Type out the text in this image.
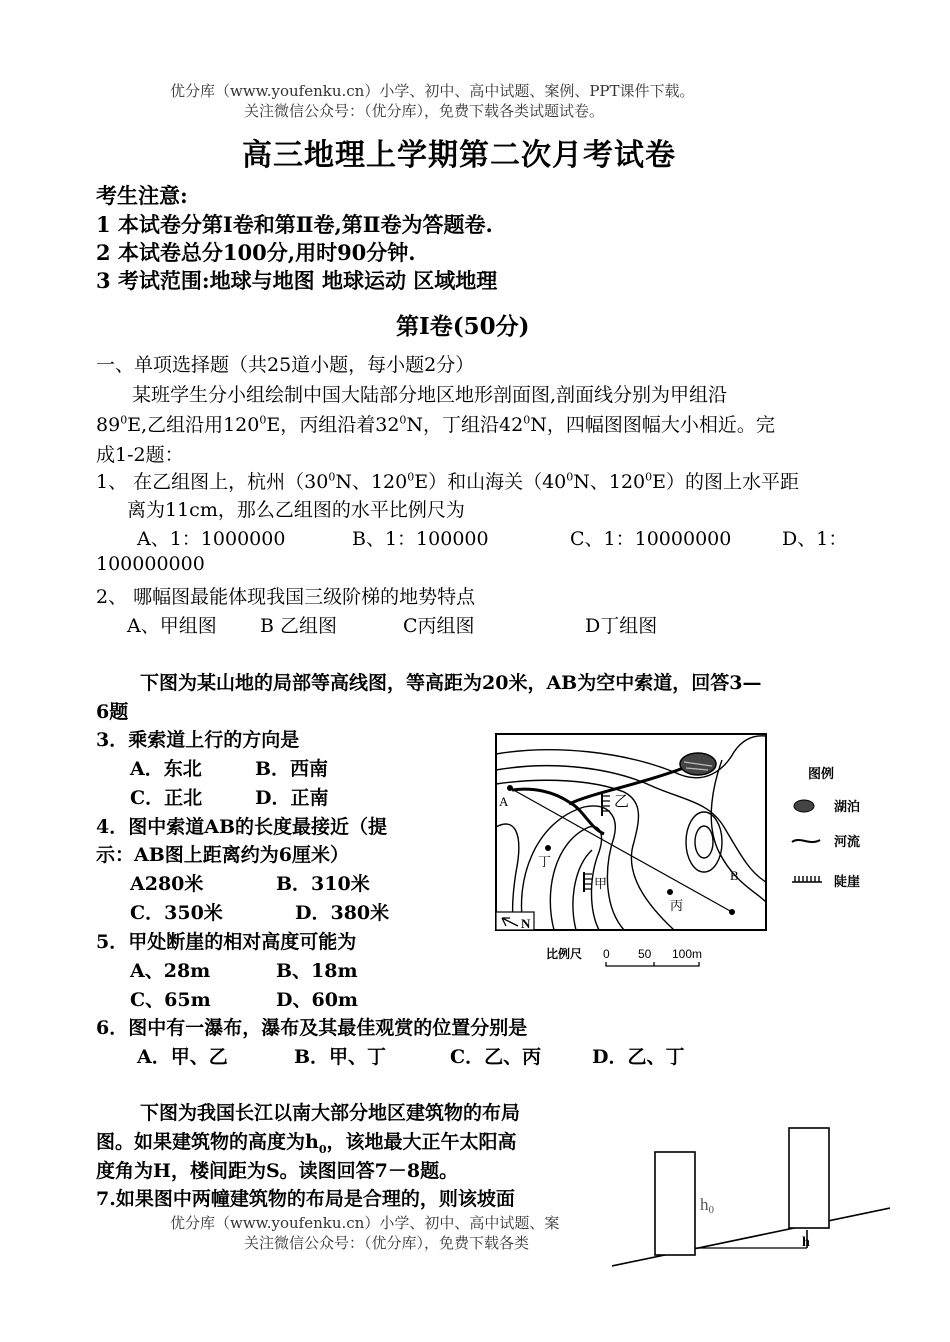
优分库（www.youfenku.cn）小学、初中、高中试题、案例、PPT课件下载。
关注微信公众号：（优分库），免费下载各类试题试卷。
高三地理上学期第二次月考试卷
考生注意:
1 本试卷分第Ⅰ卷和第Ⅱ卷,第Ⅱ卷为答题卷.
2 本试卷总分100分,用时90分钟.
3 考试范围:地球与地图 地球运动 区域地理
第Ⅰ卷(50分)
一、单项选择题（共25道小题，每小题2分）
某班学生分小组绘制中国大陆部分地区地形剖面图,剖面线分别为甲组沿
$89^0E$,乙组沿用$120^0E$，丙组沿着$32^0N$，丁组沿$42^0N$，四幅图图幅大小相近。完
成1-2题：
1、 在乙组图上，杭州（$30^0N$、$120^0E$）和山海关（$40^0N$、$120^0E$）的图上水平距
离为11cm，那么乙组图的水平比例尺为
A、1：1000000	B、1：100000	C、1：10000000	D、1：
100000000
2、 哪幅图最能体现我国三级阶梯的地势特点
A、甲组图 B 乙组图	C丙组图	D丁组图
下图为某山地的局部等高线图，等高距为20米，AB为空中索道，回答3—
6题
3．乘索道上行的方向是
A．东北	B．西南
C．正北	D．正南
4．图中索道AB的长度最接近（提
示：AB图上距离约为6厘米）
A280米	B．310米
C．350米	D．380米
5．甲处断崖的相对高度可能为
A、28m	B、18m
C、65m	D、60m
6．图中有一瀑布，瀑布及其最佳观赏的位置分别是
A．甲、乙	B．甲、丁	C．乙、丙	D．乙、丁
A
B
乙
甲
丙
丁
N
比例尺 0 50 100m
图例
湖泊
河流
陡崖
下图为我国长江以南大部分地区建筑物的布局
图。如果建筑物的高度为$h_0$，该地最大正午太阳高
度角为H，楼间距为S。读图回答7－8题。
7.如果图中两幢建筑物的布局是合理的，则该坡面	h0
h
优分库（www.youfenku.cn）小学、初中、高中试题、案
关注微信公众号：（优分库），免费下载各类
